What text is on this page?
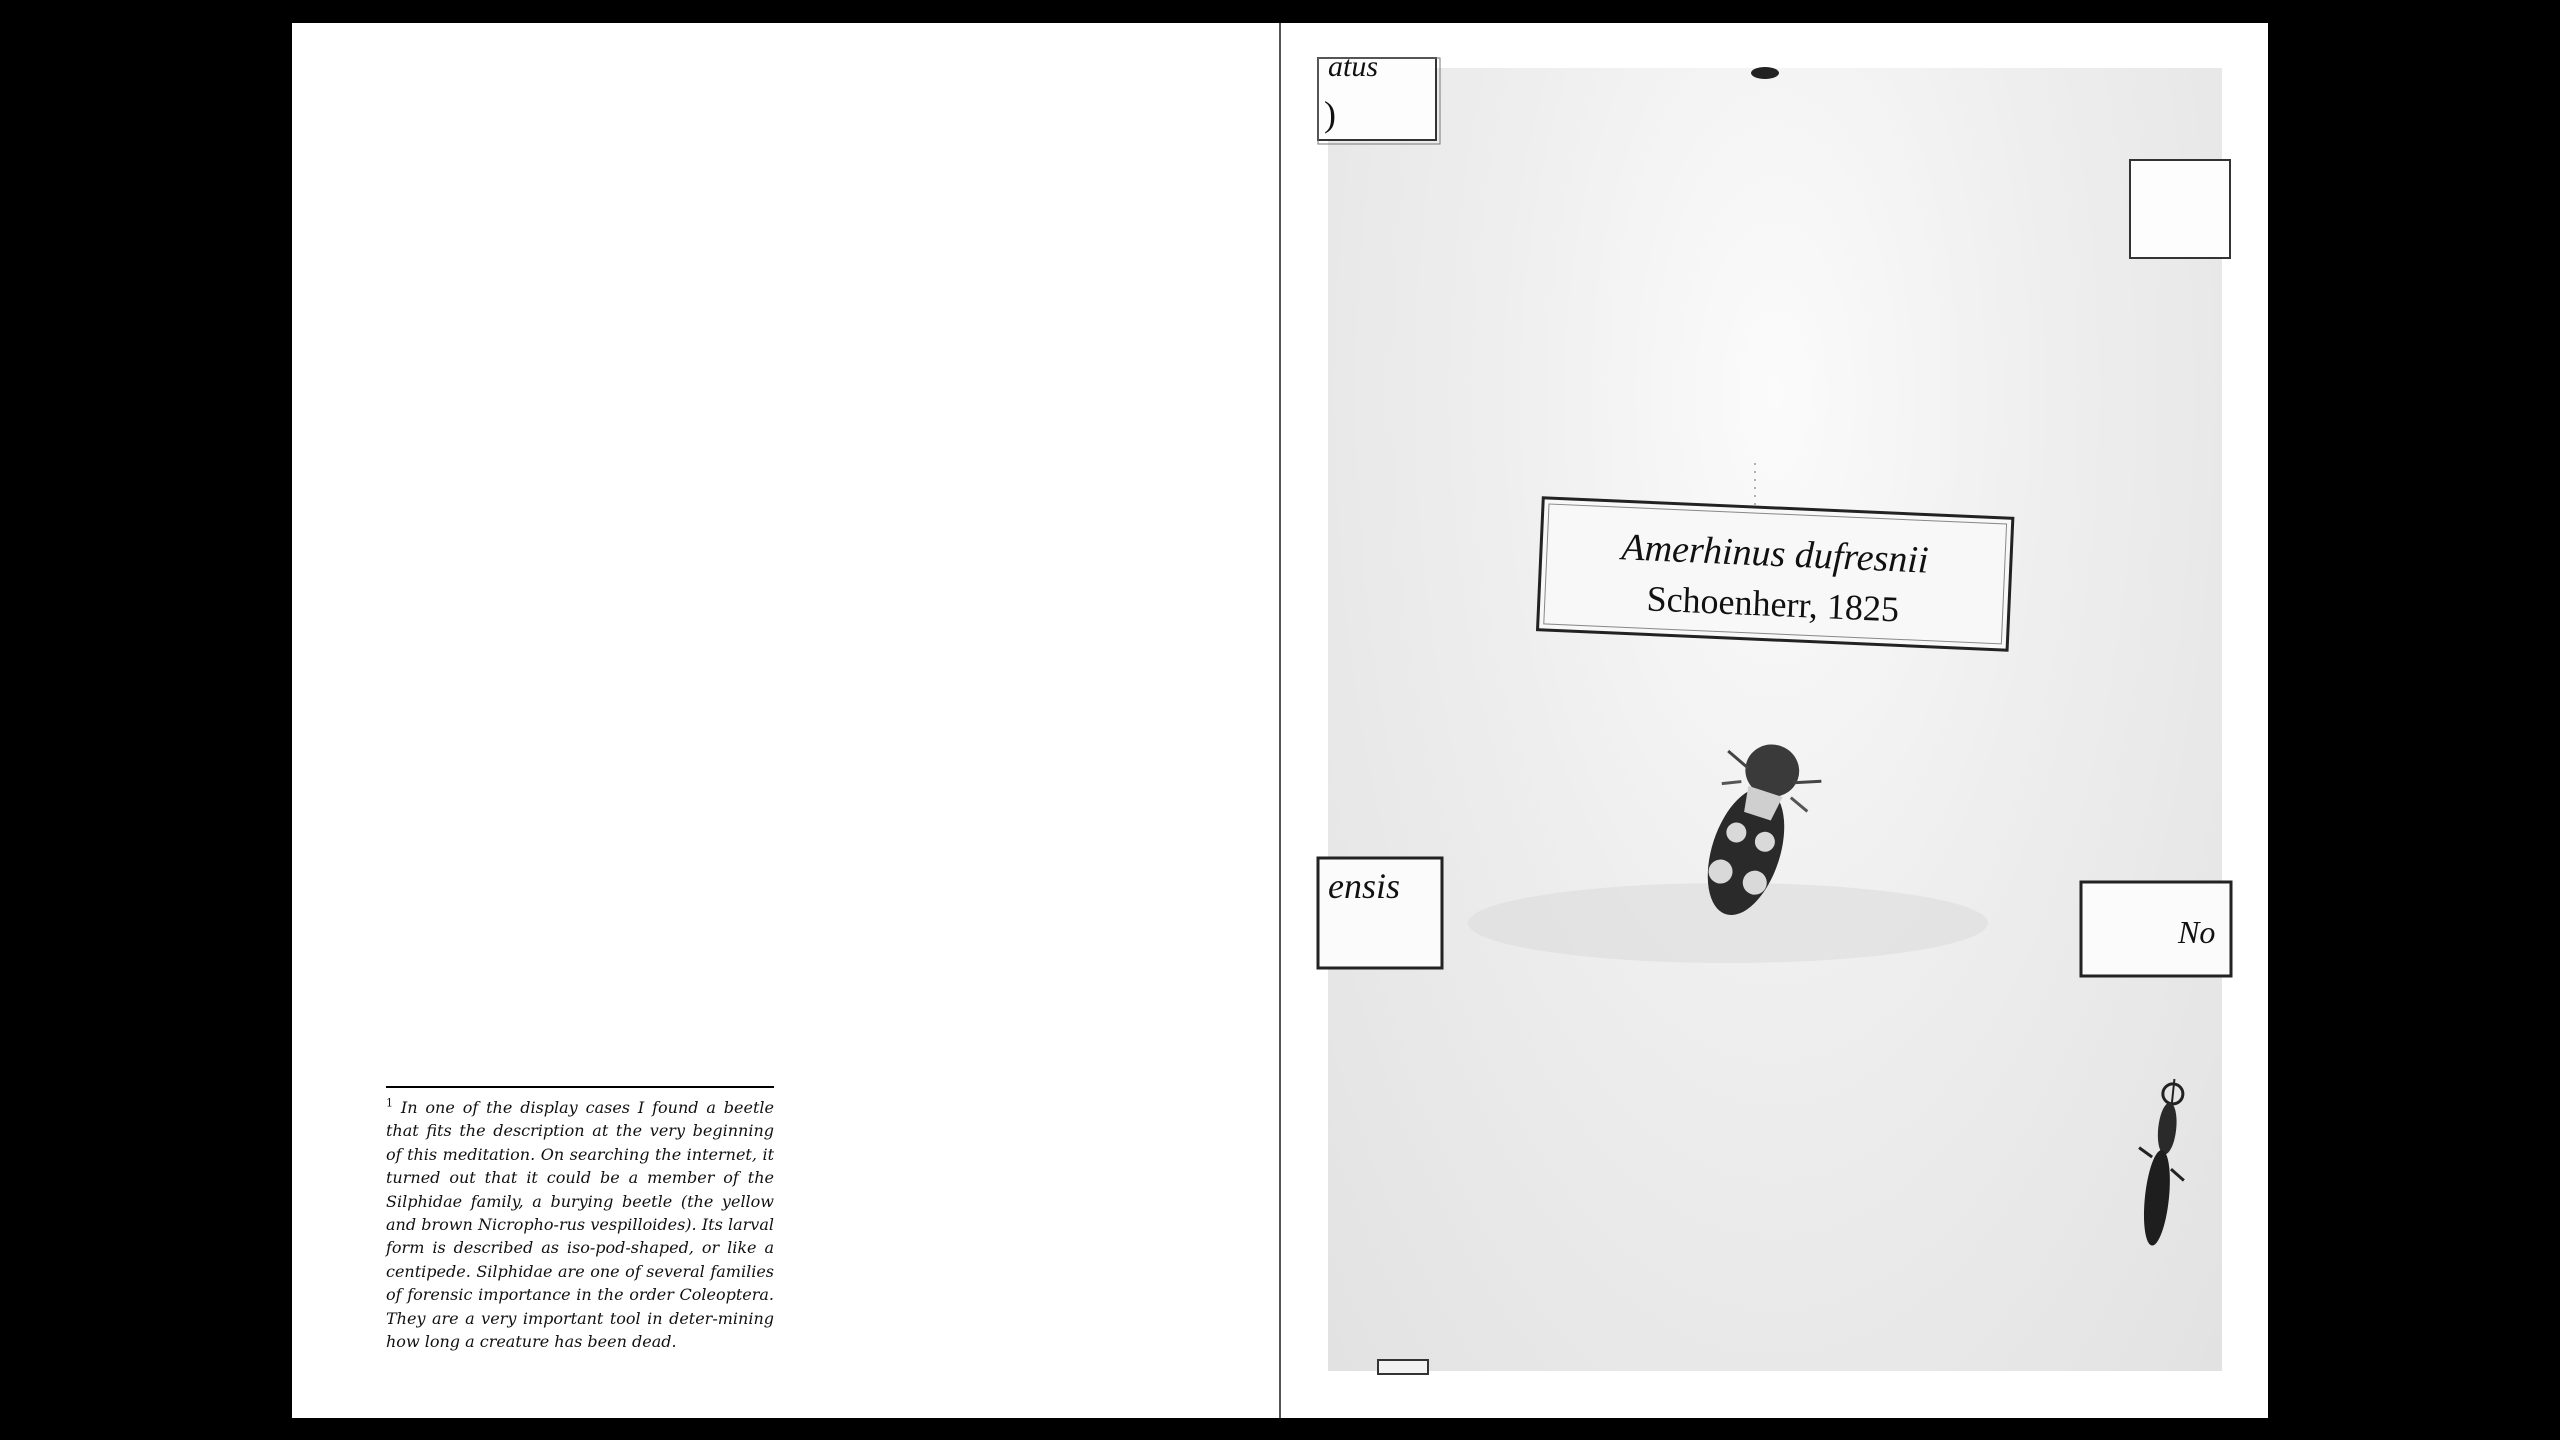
$^1$ In one of the display cases I found a beetle that fits the description at the very beginning of this meditation. On searching the internet, it turned out that it could be a member of the Silphidae family, a burying beetle (the yellow and brown Nicropho-rus vespilloides). Its larval form is described as iso-pod-shaped, or like a centipede. Silphidae are one of several families of forensic importance in the order Coleoptera. They are a very important tool in deter-mining how long a creature has been dead.

atus
)
Amerhinus dufresnii
Schoenherr, 1825
ensis
No
